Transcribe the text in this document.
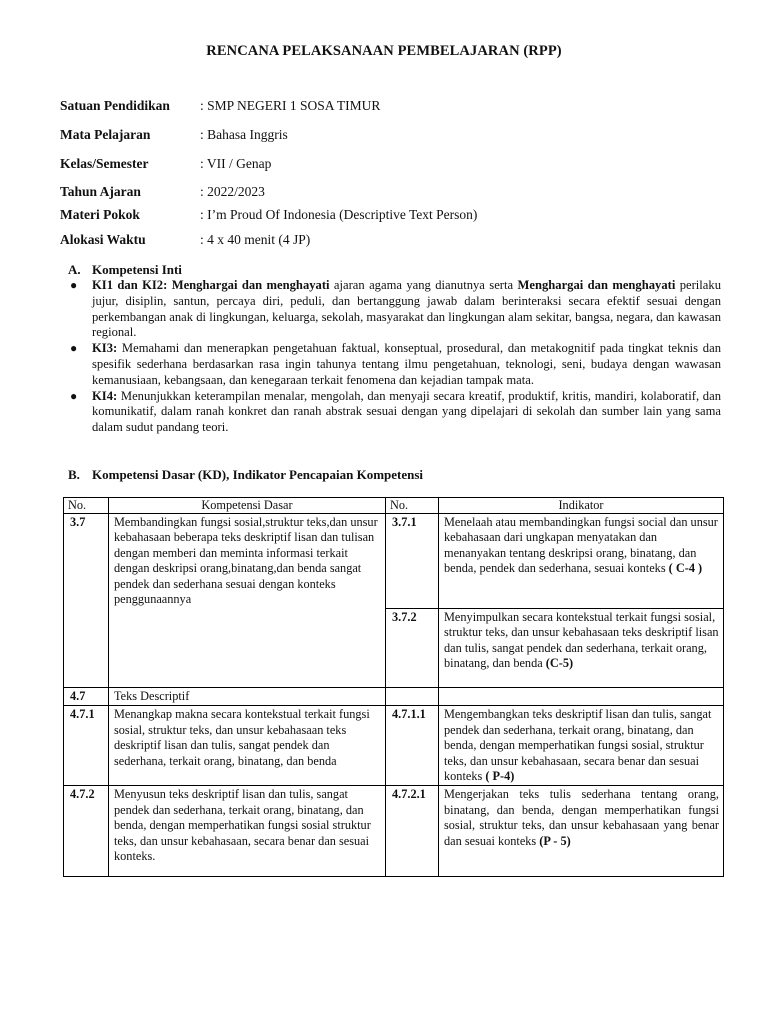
RENCANA PELAKSANAAN PEMBELAJARAN (RPP)
Satuan Pendidikan : SMP NEGERI 1 SOSA TIMUR
Mata Pelajaran	: Bahasa Inggris
Kelas/Semester	: VII / Genap
Tahun Ajaran	: 2022/2023
Materi Pokok	: I’m Proud Of Indonesia (Descriptive Text Person)
Alokasi Waktu	: 4 x 40 menit (4 JP)
A. Kompetensi Inti
● KI1 dan KI2: Menghargai dan menghayati ajaran agama yang dianutnya serta Menghargai dan menghayati perilaku jujur, disiplin, santun, percaya diri, peduli, dan bertanggung jawab dalam berinteraksi secara efektif sesuai dengan perkembangan anak di lingkungan, keluarga, sekolah, masyarakat dan lingkungan alam sekitar, bangsa, negara, dan kawasan regional.
● KI3: Memahami dan menerapkan pengetahuan faktual, konseptual, prosedural, dan metakognitif pada tingkat teknis dan spesifik sederhana berdasarkan rasa ingin tahunya tentang ilmu pengetahuan, teknologi, seni, budaya dengan wawasan kemanusiaan, kebangsaan, dan kenegaraan terkait fenomena dan kejadian tampak mata.
● KI4: Menunjukkan keterampilan menalar, mengolah, dan menyaji secara kreatif, produktif, kritis, mandiri, kolaboratif, dan komunikatif, dalam ranah konkret dan ranah abstrak sesuai dengan yang dipelajari di sekolah dan sumber lain yang sama dalam sudut pandang teori.
B. Kompetensi Dasar (KD), Indikator Pencapaian Kompetensi
No.	Kompetensi Dasar	No.	Indikator
3.7	Membandingkan fungsi sosial,struktur teks,dan unsur kebahasaan beberapa teks deskriptif lisan dan tulisan dengan memberi dan meminta informasi terkait dengan deskripsi orang,binatang,dan benda sangat pendek dan sederhana sesuai dengan konteks penggunaannya	3.7.1	Menelaah atau membandingkan fungsi social dan unsur kebahasaan dari ungkapan menyatakan dan menanyakan tentang deskripsi orang, binatang, dan benda, pendek dan sederhana, sesuai konteks ( C-4 )
		3.7.2	Menyimpulkan secara kontekstual terkait fungsi sosial, struktur teks, dan unsur kebahasaan teks deskriptif lisan dan tulis, sangat pendek dan sederhana, terkait orang, binatang, dan benda (C-5)
4.7	Teks Descriptif		
4.7.1	Menangkap makna secara kontekstual terkait fungsi sosial, struktur teks, dan unsur kebahasaan teks deskriptif lisan dan tulis, sangat pendek dan sederhana, terkait orang, binatang, dan benda	4.7.1.1	Mengembangkan teks deskriptif lisan dan tulis, sangat pendek dan sederhana, terkait orang, binatang, dan benda, dengan memperhatikan fungsi sosial, struktur teks, dan unsur kebahasaan, secara benar dan sesuai konteks ( P-4)
4.7.2	Menyusun teks deskriptif lisan dan tulis, sangat pendek dan sederhana, terkait orang, binatang, dan benda, dengan memperhatikan fungsi sosial struktur teks, dan unsur kebahasaan, secara benar dan sesuai konteks.	4.7.2.1	Mengerjakan teks tulis sederhana tentang orang, binatang, dan benda, dengan memperhatikan fungsi sosial, struktur teks, dan unsur kebahasaan yang benar dan sesuai konteks (P - 5)
